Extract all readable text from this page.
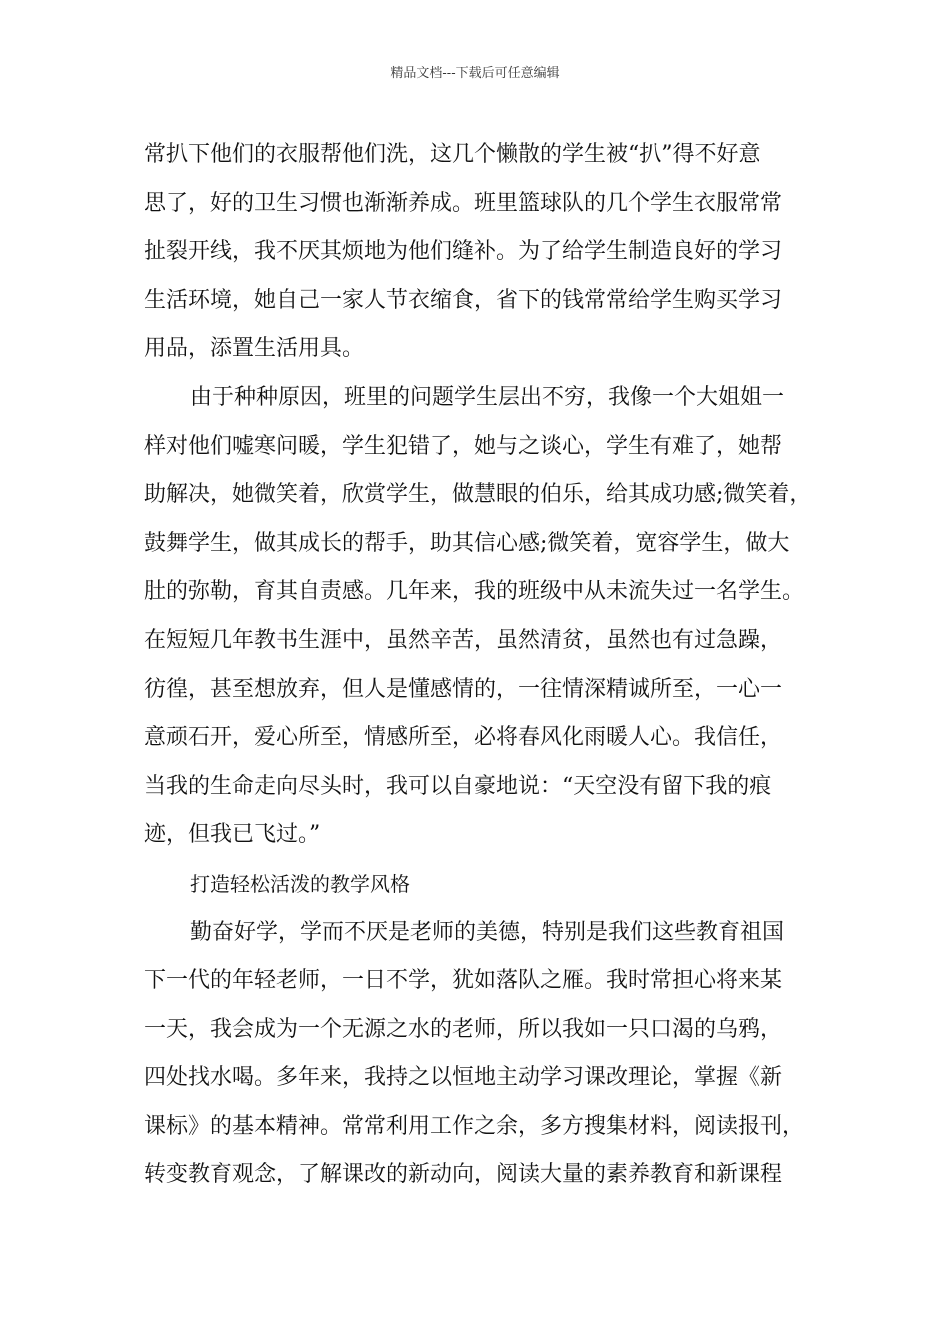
精品文档---下载后可任意编辑
常扒下他们的衣服帮他们洗，这几个懒散的学生被“扒”得不好意
思了，好的卫生习惯也渐渐养成。班里篮球队的几个学生衣服常常
扯裂开线，我不厌其烦地为他们缝补。为了给学生制造良好的学习
生活环境，她自己一家人节衣缩食，省下的钱常常给学生购买学习
用品，添置生活用具。
由于种种原因，班里的问题学生层出不穷，我像一个大姐姐一
样对他们嘘寒问暖，学生犯错了，她与之谈心，学生有难了，她帮
助解决，她微笑着，欣赏学生，做慧眼的伯乐，给其成功感;微笑着，
鼓舞学生，做其成长的帮手，助其信心感;微笑着，宽容学生，做大
肚的弥勒，育其自责感。几年来，我的班级中从未流失过一名学生。
在短短几年教书生涯中，虽然辛苦，虽然清贫，虽然也有过急躁，
彷徨，甚至想放弃，但人是懂感情的，一往情深精诚所至，一心一
意顽石开，爱心所至，情感所至，必将春风化雨暖人心。我信任，
当我的生命走向尽头时，我可以自豪地说：“天空没有留下我的痕
迹，但我已飞过。”
打造轻松活泼的教学风格
勤奋好学，学而不厌是老师的美德，特别是我们这些教育祖国
下一代的年轻老师，一日不学，犹如落队之雁。我时常担心将来某
一天，我会成为一个无源之水的老师，所以我如一只口渴的乌鸦，
四处找水喝。多年来，我持之以恒地主动学习课改理论，掌握《新
课标》的基本精神。常常利用工作之余，多方搜集材料，阅读报刊，
转变教育观念，了解课改的新动向，阅读大量的素养教育和新课程
